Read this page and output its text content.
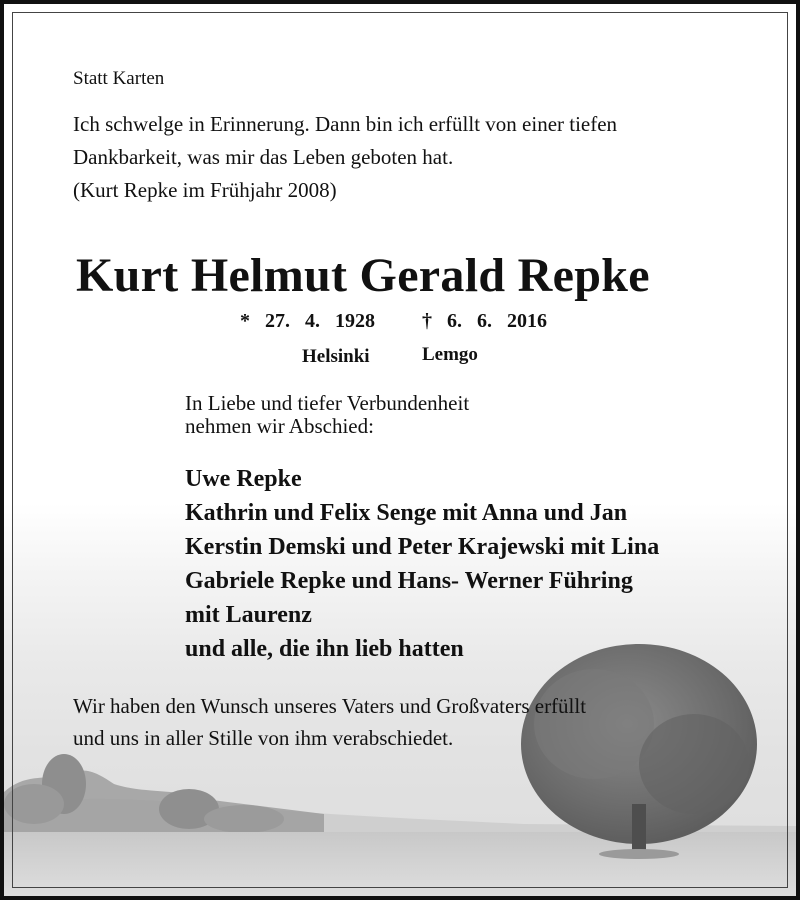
Statt Karten

Ich schwelge in Erinnerung. Dann bin ich erfüllt von einer tiefen

Dankbarkeit, was mir das Leben geboten hat.

(Kurt Repke im Frühjahr 2008)

Kurt Helmut Gerald Repke

* 27. 4. 1928 † 6. 6. 2016

Helsinki	Lemgo

In Liebe und tiefer Verbundenheit

nehmen wir Abschied:

Uwe Repke

Kathrin und Felix Senge mit Anna und Jan

Kerstin Demski und Peter Krajewski mit Lina

Gabriele Repke und Hans- Werner Führing

mit Laurenz

und alle, die ihn lieb hatten

Wir haben den Wunsch unseres Vaters und Großvaters erfüllt

und uns in aller Stille von ihm verabschiedet.
